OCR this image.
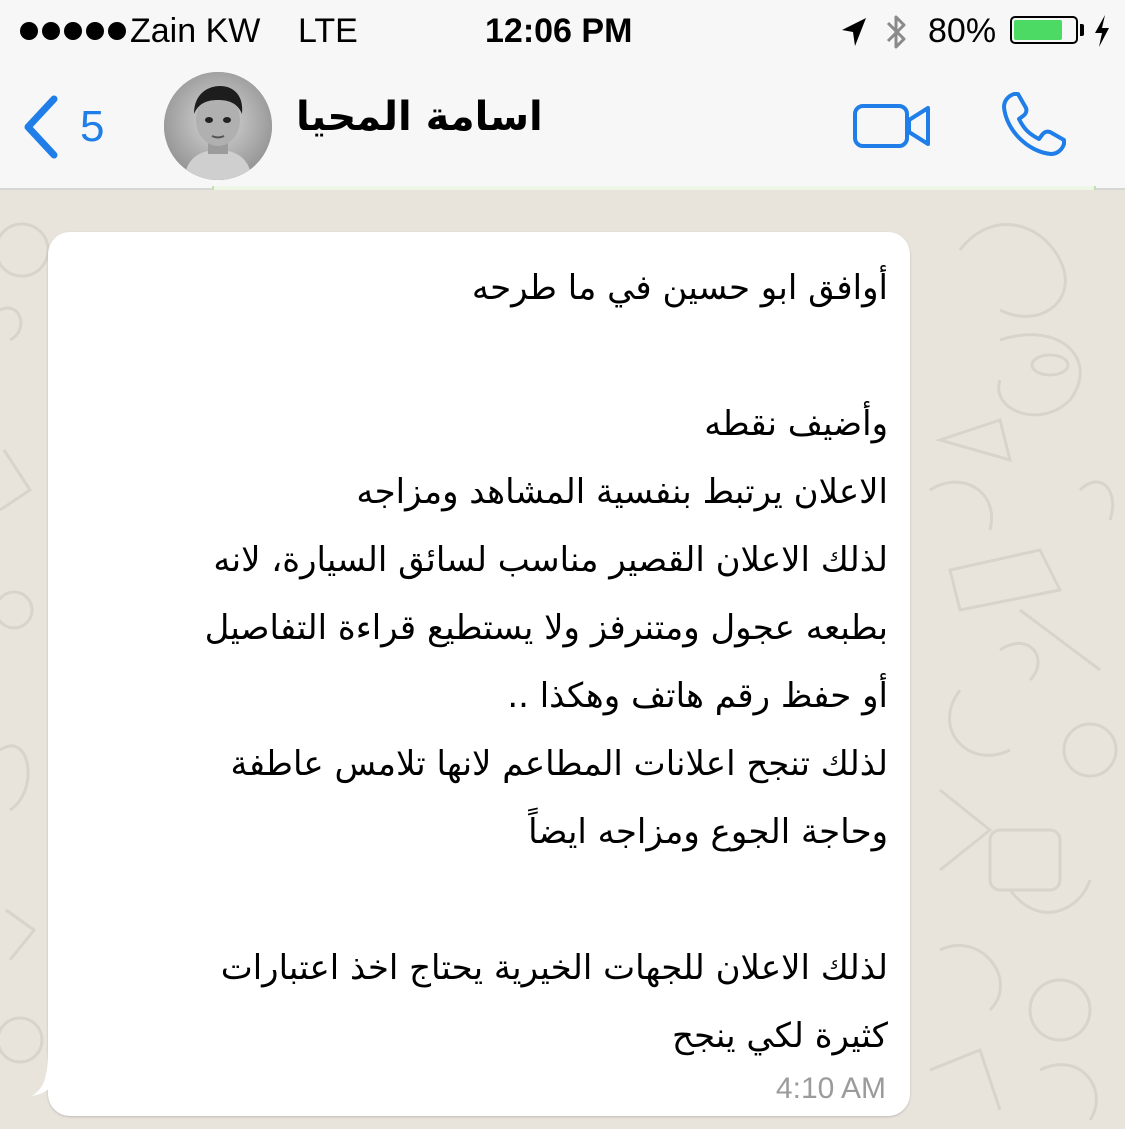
Zain KW LTE	12:06 PM	80%
5	اسامة المحيا
أوافق ابو حسين في ما طرحه
وأضيف نقطه
الاعلان يرتبط بنفسية المشاهد ومزاجه
لذلك الاعلان القصير مناسب لسائق السيارة، لانه
بطبعه عجول ومتنرفز ولا يستطيع قراءة التفاصيل
أو حفظ رقم هاتف وهكذا ..
لذلك تنجح اعلانات المطاعم لانها تلامس عاطفة
وحاجة الجوع ومزاجه ايضاً
لذلك الاعلان للجهات الخيرية يحتاج اخذ اعتبارات
كثيرة لكي ينجح
4:10 AM
